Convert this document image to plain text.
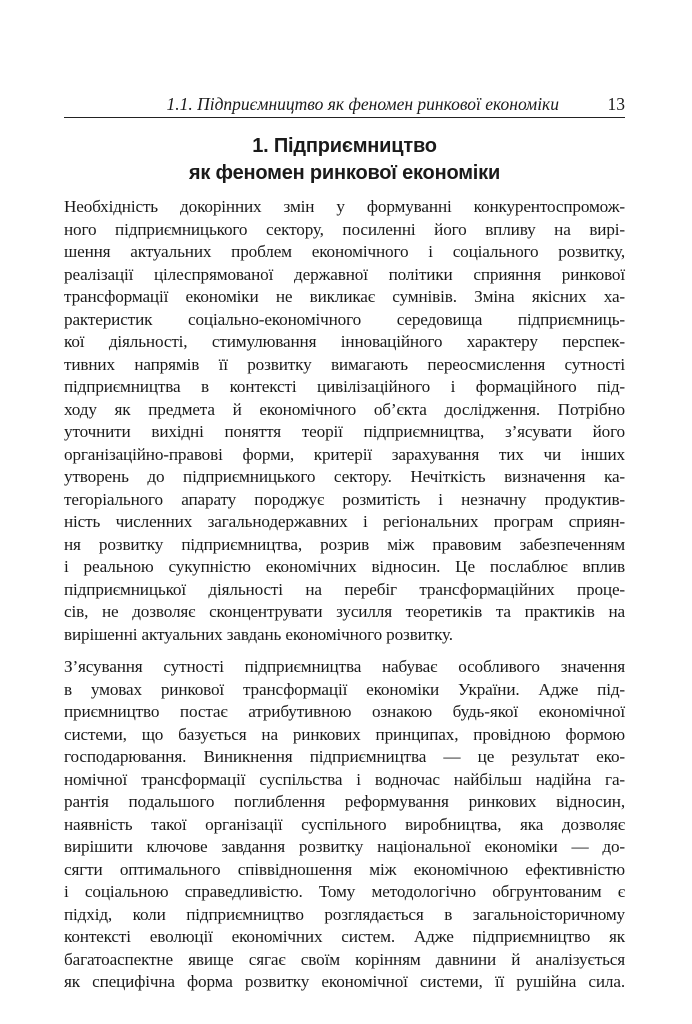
1.1. Підприємництво як феномен ринкової економіки	13
1. Підприємництво
як феномен ринкової економіки

Необхідність докорінних змін у формуванні конкурентоспромож-
ного підприємницького сектору, посиленні його впливу на вирі-
шення актуальних проблем економічного і соціального розвитку,
реалізації цілеспрямованої державної політики сприяння ринкової
трансформації економіки не викликає сумнівів. Зміна якісних ха-
рактеристик соціально-економічного середовища підприємниць-
кої діяльності, стимулювання інноваційного характеру перспек-
тивних напрямів її розвитку вимагають переосмислення сутності
підприємництва в контексті цивілізаційного і формаційного під-
ходу як предмета й економічного об’єкта дослідження. Потрібно
уточнити вихідні поняття теорії підприємництва, з’ясувати його
організаційно-правові форми, критерії зарахування тих чи інших
утворень до підприємницького сектору. Нечіткість визначення ка-
тегоріального апарату породжує розмитість і незначну продуктив-
ність численних загальнодержавних і регіональних програм сприян-
ня розвитку підприємництва, розрив між правовим забезпеченням
і реальною сукупністю економічних відносин. Це послаблює вплив
підприємницької діяльності на перебіг трансформаційних проце-
сів, не дозволяє сконцентрувати зусилля теоретиків та практиків на
вирішенні актуальних завдань економічного розвитку.

З’ясування сутності підприємництва набуває особливого значення
в умовах ринкової трансформації економіки України. Адже під-
приємництво постає атрибутивною ознакою будь-якої економічної
системи, що базується на ринкових принципах, провідною формою
господарювання. Виникнення підприємництва — це результат еко-
номічної трансформації суспільства і водночас найбільш надійна га-
рантія подальшого поглиблення реформування ринкових відносин,
наявність такої організації суспільного виробництва, яка дозволяє
вирішити ключове завдання розвитку національної економіки — до-
сягти оптимального співвідношення між економічною ефективністю
і соціальною справедливістю. Тому методологічно обгрунтованим є
підхід, коли підприємництво розглядається в загальноісторичному
контексті еволюції економічних систем. Адже підприємництво як
багатоаспектне явище сягає своїм корінням давнини й аналізується
як специфічна форма розвитку економічної системи, її рушійна сила.
